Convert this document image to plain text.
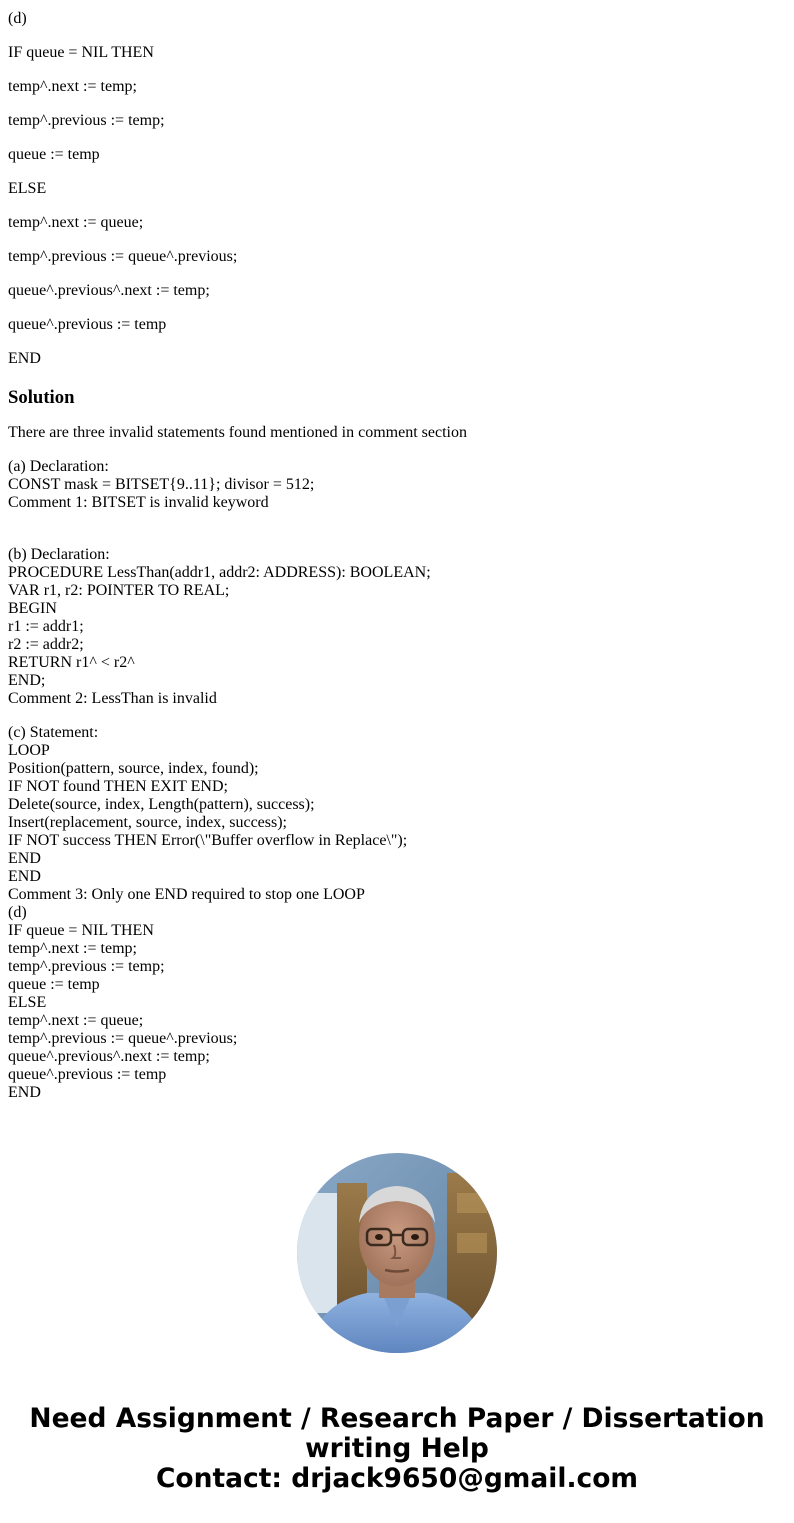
(d)

IF queue = NIL THEN

temp^.next := temp;

temp^.previous := temp;

queue := temp

ELSE

temp^.next := queue;

temp^.previous := queue^.previous;

queue^.previous^.next := temp;

queue^.previous := temp

END

Solution

There are three invalid statements found mentioned in comment section

(a) Declaration:
CONST mask = BITSET{9..11}; divisor = 512;
Comment 1: BITSET is invalid keyword
(b) Declaration:
PROCEDURE LessThan(addr1, addr2: ADDRESS): BOOLEAN;
VAR r1, r2: POINTER TO REAL;
BEGIN
r1 := addr1;
r2 := addr2;
RETURN r1^ < r2^
END;
Comment 2: LessThan is invalid
(c) Statement:
LOOP
Position(pattern, source, index, found);
IF NOT found THEN EXIT END;
Delete(source, index, Length(pattern), success);
Insert(replacement, source, index, success);
IF NOT success THEN Error(\"Buffer overflow in Replace\");
END
END
Comment 3: Only one END required to stop one LOOP
(d)
IF queue = NIL THEN
temp^.next := temp;
temp^.previous := temp;
queue := temp
ELSE
temp^.next := queue;
temp^.previous := queue^.previous;
queue^.previous^.next := temp;
queue^.previous := temp
END
Need Assignment / Research Paper / Dissertation
writing Help
Contact: drjack9650@gmail.com
